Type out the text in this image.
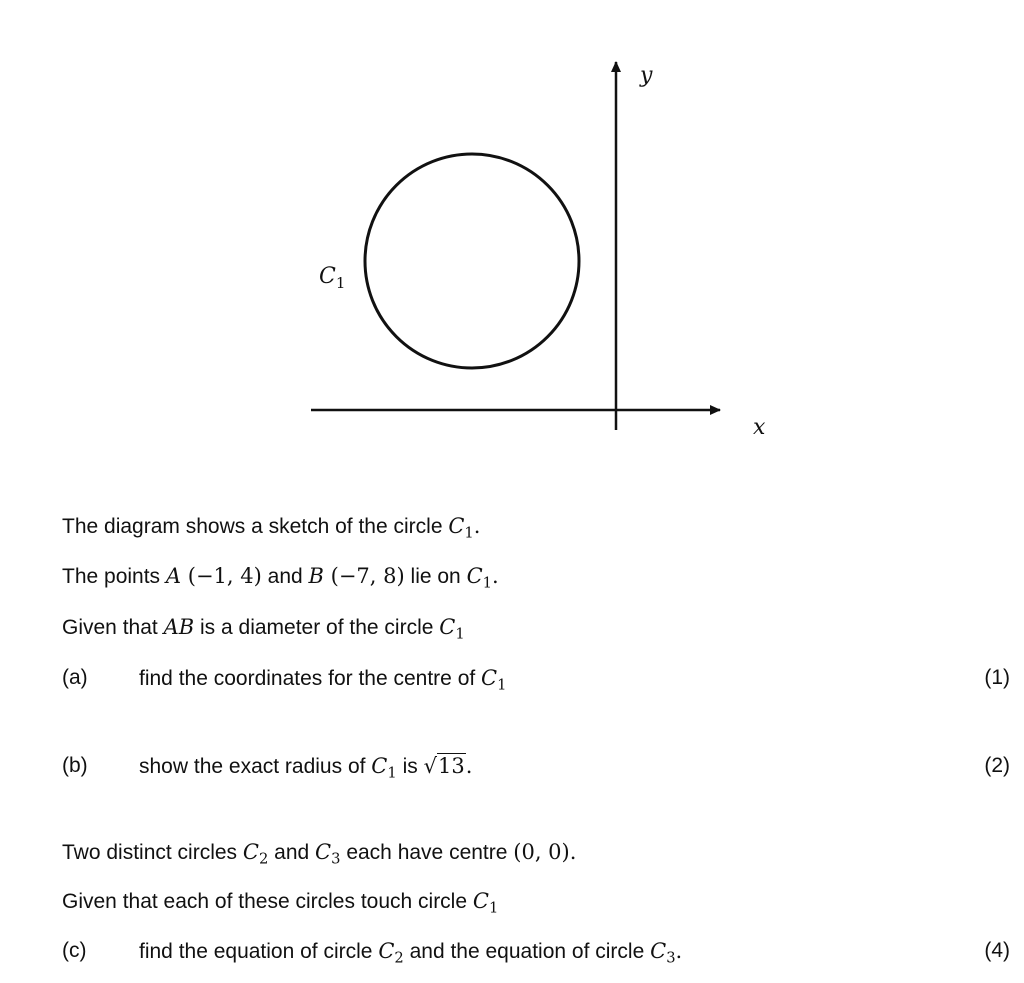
y
x
$C_1$
The diagram shows a sketch of the circle $C_1$.
The points A (−1, 4) and B (−7, 8) lie on $C_1$.
Given that AB is a diameter of the circle $C_1$
(a) find the coordinates for the centre of $C_1$	(1)
(b) show the exact radius of $C_1$ is √13.	(2)
Two distinct circles $C_2$ and $C_3$ each have centre (0, 0).
Given that each of these circles touch circle $C_1$
(c)	find the equation of circle $C_2$ and the equation of circle $C_3$.	(4)
